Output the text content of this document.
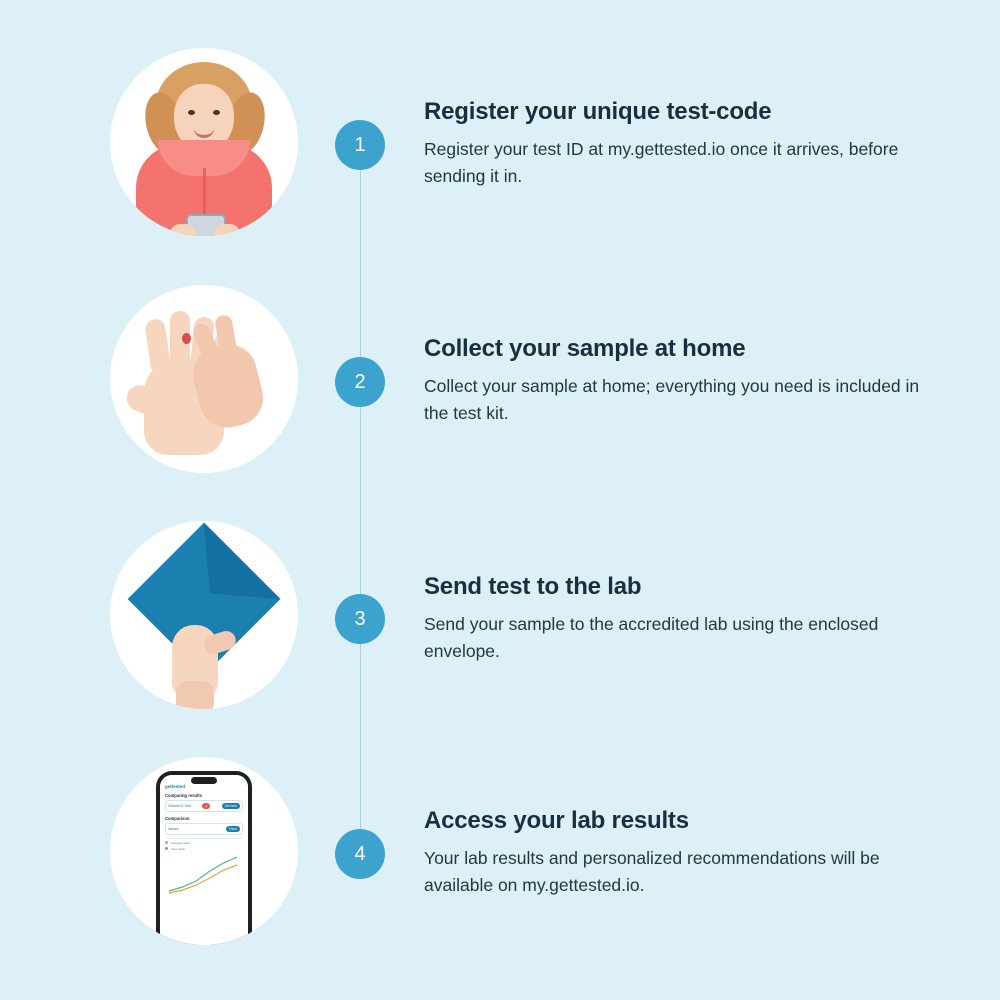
1
Register your unique test-code
Register your test ID at my.gettested.io once it arrives, before sending it in.
2
Collect your sample at home
Collect your sample at home; everything you need is included in the test kit.
3
Send test to the lab
Send your sample to the accredited lab using the enclosed envelope.
gettested
Comparing results
Vitamin D Test	1	Get here
Comparison
Values	Trend
Average value
Your value	4
Access your lab results
Your lab results and personalized recommendations will be available on my.gettested.io.
